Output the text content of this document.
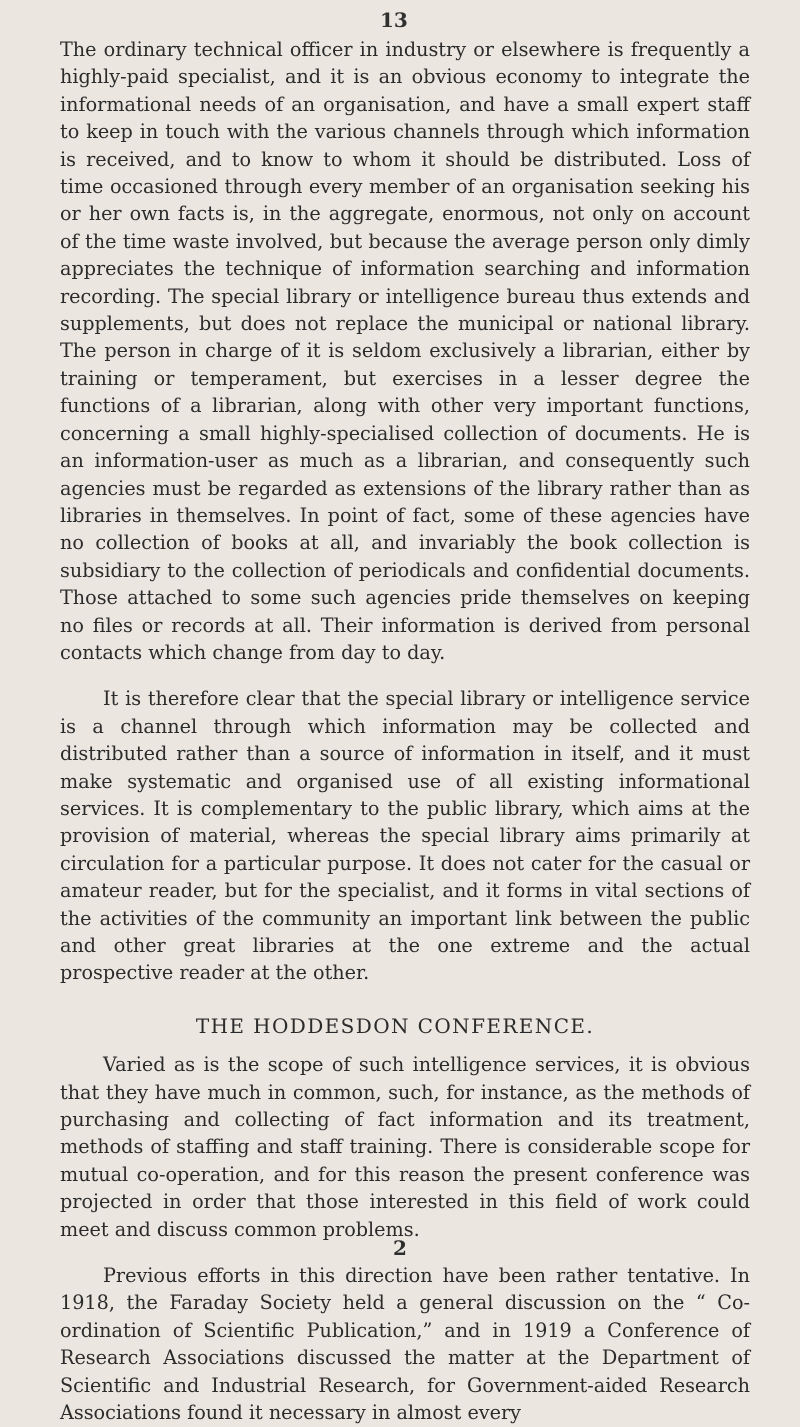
13

The ordinary technical officer in industry or elsewhere is frequently a highly-paid specialist, and it is an obvious economy to integrate the informational needs of an organisation, and have a small expert staff to keep in touch with the various channels through which information is received, and to know to whom it should be distributed. Loss of time occasioned through every member of an organisation seeking his or her own facts is, in the aggregate, enormous, not only on account of the time waste involved, but because the average person only dimly appreciates the technique of information searching and information recording. The special library or intelligence bureau thus extends and supplements, but does not replace the municipal or national library. The person in charge of it is seldom exclusively a librarian, either by training or temperament, but exercises in a lesser degree the functions of a librarian, along with other very important functions, concerning a small highly-specialised collection of documents. He is an information-user as much as a librarian, and consequently such agencies must be regarded as extensions of the library rather than as libraries in themselves. In point of fact, some of these agencies have no collection of books at all, and invariably the book collection is subsidiary to the collection of periodicals and confidential documents. Those attached to some such agencies pride themselves on keeping no files or records at all. Their information is derived from personal contacts which change from day to day.

It is therefore clear that the special library or intelligence service is a channel through which information may be collected and distributed rather than a source of information in itself, and it must make systematic and organised use of all existing informational services. It is complementary to the public library, which aims at the provision of material, whereas the special library aims primarily at circulation for a particular purpose. It does not cater for the casual or amateur reader, but for the specialist, and it forms in vital sections of the activities of the community an important link between the public and other great libraries at the one extreme and the actual prospective reader at the other.

THE HODDESDON CONFERENCE.

Varied as is the scope of such intelligence services, it is obvious that they have much in common, such, for instance, as the methods of purchasing and collecting of fact information and its treatment, methods of staffing and staff training. There is considerable scope for mutual co-operation, and for this reason the present conference was projected in order that those interested in this field of work could meet and discuss common problems.

Previous efforts in this direction have been rather tentative. In 1918, the Faraday Society held a general discussion on the “ Co-ordination of Scientific Publication,” and in 1919 a Conference of Research Associations discussed the matter at the Department of Scientific and Industrial Research, for Government-aided Research Associations found it necessary in almost every

2
